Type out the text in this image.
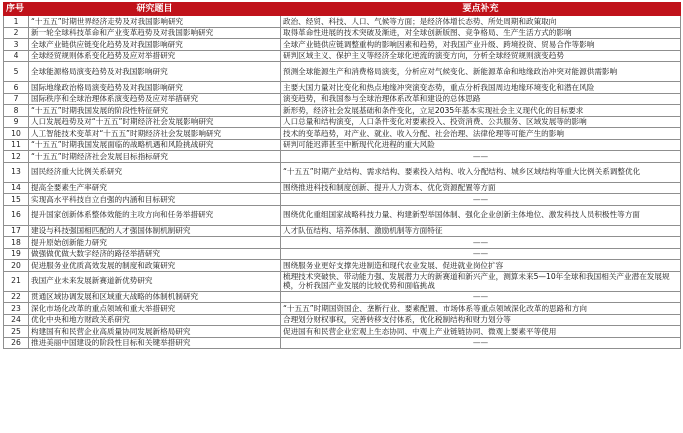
序号	研究题目	要点补充
1	“十五五”时期世界经济走势及对我国影响研究	政治、经贸、科技、人口、气候等方面；是经济体增长态势、所处周期和政策取向
2	新一轮全球科技革命和产业变革趋势及对我国影响研究	取得革命性进展的技术突破及渐进，对全球创新版图、竞争格局、生产生活方式的影响
3	全球产业链供应链变化趋势及对我国影响研究	全球产业链供应链调整重构的影响因素和趋势，对我国产业升级、跨境投资、贸易合作等影响
4	全球经贸规则体系变化趋势及应对举措研究	研判区域主义、保护主义等经济全球化逆流的演变方向，分析全球经贸规则演变趋势
5	全球能源格局演变趋势及对我国影响研究	预测全球能源生产和消费格局演变，分析应对气候变化、新能源革命和地缘政治冲突对能源供需影响
6	国际地缘政治格局演变趋势及对我国影响研究	主要大国力量对比变化和热点地缘冲突演变态势，重点分析我国周边地缘环境变化和潜在风险
7	国际秩序和全球治理体系演变趋势及应对举措研究	演变趋势，和我国参与全球治理体系改革和建设的总体思路
8	“十五五”时期我国发展的阶段性特征研究	新形势，经济社会发展基础和条件变化，立足2035年基本实现社会主义现代化的目标要求
9	人口发展趋势及对“十五五”时期经济社会发展影响研究	人口总量和结构演变，人口条件变化对要素投入、投资消费、公共服务、区域发展等的影响
10	人工智能技术变革对“十五五”时期经济社会发展影响研究	技术的变革趋势，对产业、就业、收入分配、社会治理、法律伦理等可能产生的影响
11	“十五五”时期我国发展面临的战略机遇和风险挑战研究	研判可能迟滞甚至中断现代化进程的重大风险
12	“十五五”时期经济社会发展目标指标研究	——
13	国民经济重大比例关系研究	“十五五”时期产业结构、需求结构、要素投入结构、收入分配结构、城乡区域结构等重大比例关系调整优化
14	提高全要素生产率研究	围绕推进科技和制度创新、提升人力资本、优化资源配置等方面
15	实现高水平科技自立自强的内涵和目标研究	——
16	提升国家创新体系整体效能的主攻方向和任务举措研究	围绕优化重组国家战略科技力量、构建新型举国体制、强化企业创新主体地位、激发科技人员积极性等方面
17	建设与科技强国相匹配的人才强国体制机制研究	人才队伍结构、培养体制、激励机制等方面特征
18	提升原始创新能力研究	——
19	做强做优做大数字经济的路径举措研究	——
20	促进服务业优质高效发展的制度和政策研究	围绕服务业更好支撑先进制造和现代农业发展、促进就业岗位扩容
21	我国产业未来发展新赛道新优势研究	梳理技术突破快、带动能力强、发展潜力大的新赛道和新兴产业，测算未来5—10年全球和我国相关产业潜在发展规模，分析我国产业发展的比较优势和面临挑战
22	贯通区域协调发展和区域重大战略的体制机制研究	——
23	深化市场化改革的重点领域和重大举措研究	“十五五”时期国资国企、垄断行业、要素配置、市场体系等重点领域深化改革的思路和方向
24	优化中央和地方财政关系研究	合理划分财权事权，完善转移支付体系，优化税制结构和财力划分等
25	构建国有和民营企业高质量协同发展新格局研究	促进国有和民营企业宏观上生态协同、中观上产业链链协同、微观上要素平等使用
26	推进美丽中国建设的阶段性目标和关键举措研究	——
